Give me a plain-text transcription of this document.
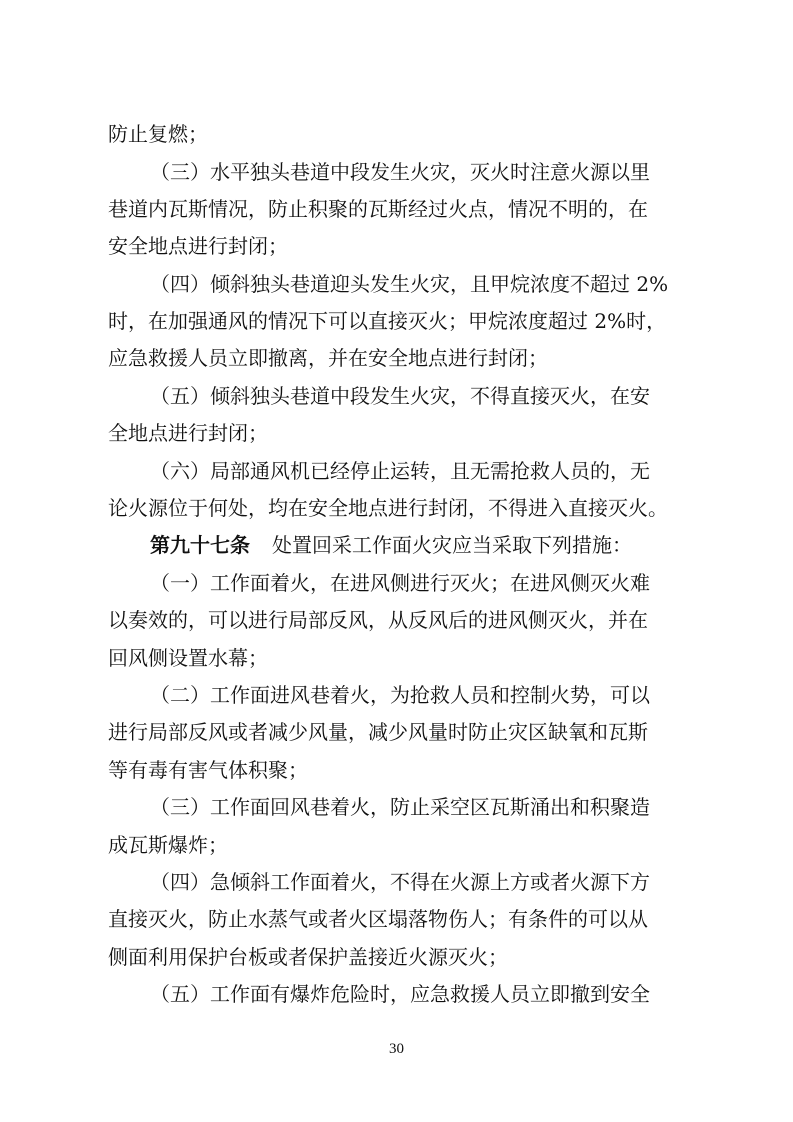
防止复燃；
（三）水平独头巷道中段发生火灾，灭火时注意火源以里
巷道内瓦斯情况，防止积聚的瓦斯经过火点，情况不明的，在
安全地点进行封闭；
（四）倾斜独头巷道迎头发生火灾，且甲烷浓度不超过 2%
时，在加强通风的情况下可以直接灭火；甲烷浓度超过 2%时，
应急救援人员立即撤离，并在安全地点进行封闭；
（五）倾斜独头巷道中段发生火灾，不得直接灭火，在安
全地点进行封闭；
（六）局部通风机已经停止运转，且无需抢救人员的，无
论火源位于何处，均在安全地点进行封闭，不得进入直接灭火。
第九十七条 处置回采工作面火灾应当采取下列措施：
（一）工作面着火，在进风侧进行灭火；在进风侧灭火难
以奏效的，可以进行局部反风，从反风后的进风侧灭火，并在
回风侧设置水幕；
（二）工作面进风巷着火，为抢救人员和控制火势，可以
进行局部反风或者减少风量，减少风量时防止灾区缺氧和瓦斯
等有毒有害气体积聚；
（三）工作面回风巷着火，防止采空区瓦斯涌出和积聚造
成瓦斯爆炸；
（四）急倾斜工作面着火，不得在火源上方或者火源下方
直接灭火，防止水蒸气或者火区塌落物伤人；有条件的可以从
侧面利用保护台板或者保护盖接近火源灭火；
（五）工作面有爆炸危险时，应急救援人员立即撤到安全
30
